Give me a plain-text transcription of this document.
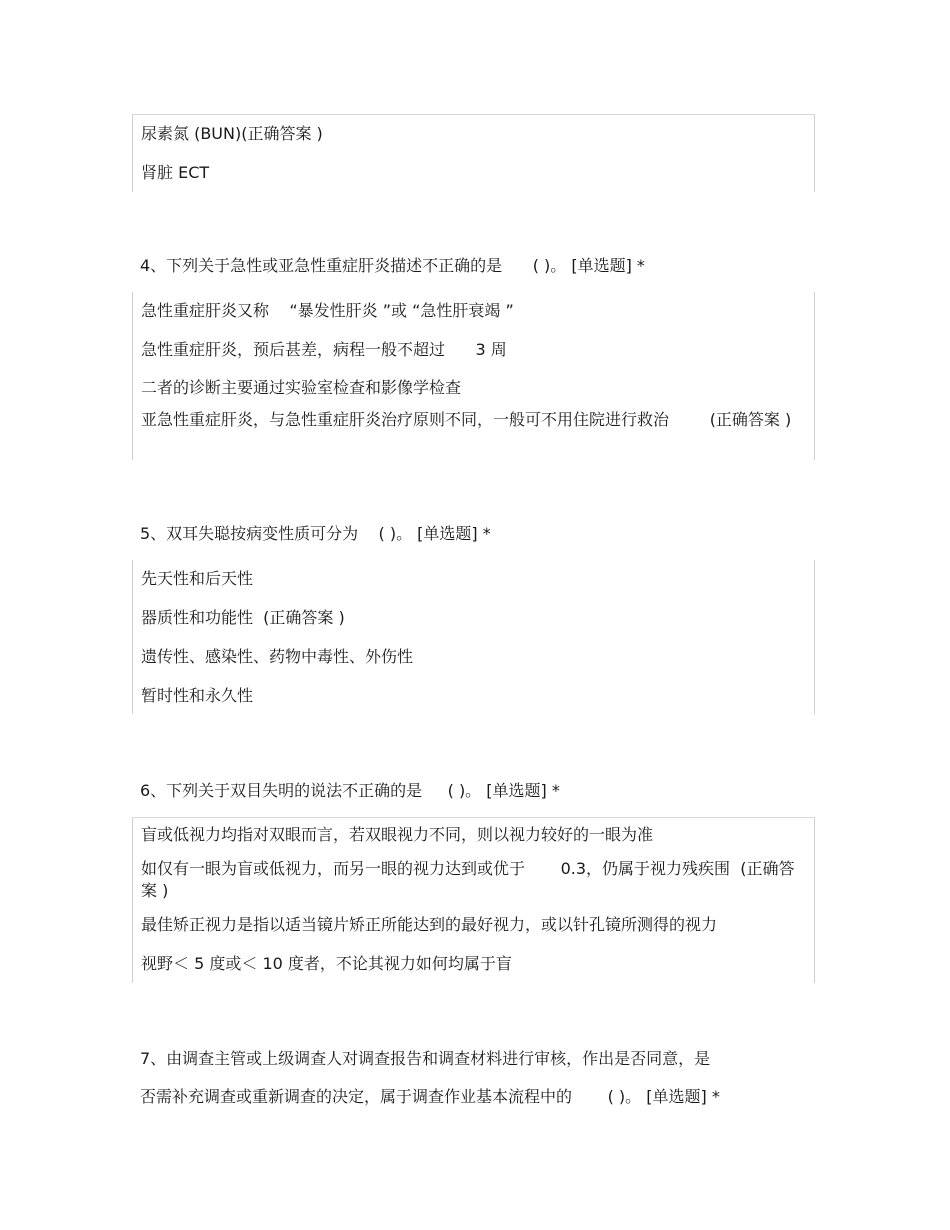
尿素氮 (BUN)(正确答案 )
肾脏 ECT
4、下列关于急性或亚急性重症肝炎描述不正确的是      ( )。 [单选题] *
急性重症肝炎又称    “暴发性肝炎 ”或 “急性肝衰竭 ”
急性重症肝炎，预后甚差，病程一般不超过      3 周
二者的诊断主要通过实验室检查和影像学检查
亚急性重症肝炎，与急性重症肝炎治疗原则不同，一般可不用住院进行救治        (正确答案 )
5、双耳失聪按病变性质可分为    ( )。 [单选题] *
先天性和后天性
器质性和功能性  (正确答案 )
遗传性、感染性、药物中毒性、外伤性
暂时性和永久性
6、下列关于双目失明的说法不正确的是     ( )。 [单选题] *
盲或低视力均指对双眼而言，若双眼视力不同，则以视力较好的一眼为准
如仅有一眼为盲或低视力，而另一眼的视力达到或优于       0.3，仍属于视力残疾围  (正确答案 )
最佳矫正视力是指以适当镜片矫正所能达到的最好视力，或以针孔镜所测得的视力
视野＜ 5 度或＜ 10 度者，不论其视力如何均属于盲
7、由调查主管或上级调查人对调查报告和调查材料进行审核，作出是否同意，是
否需补充调查或重新调查的决定，属于调查作业基本流程中的       ( )。 [单选题] *
